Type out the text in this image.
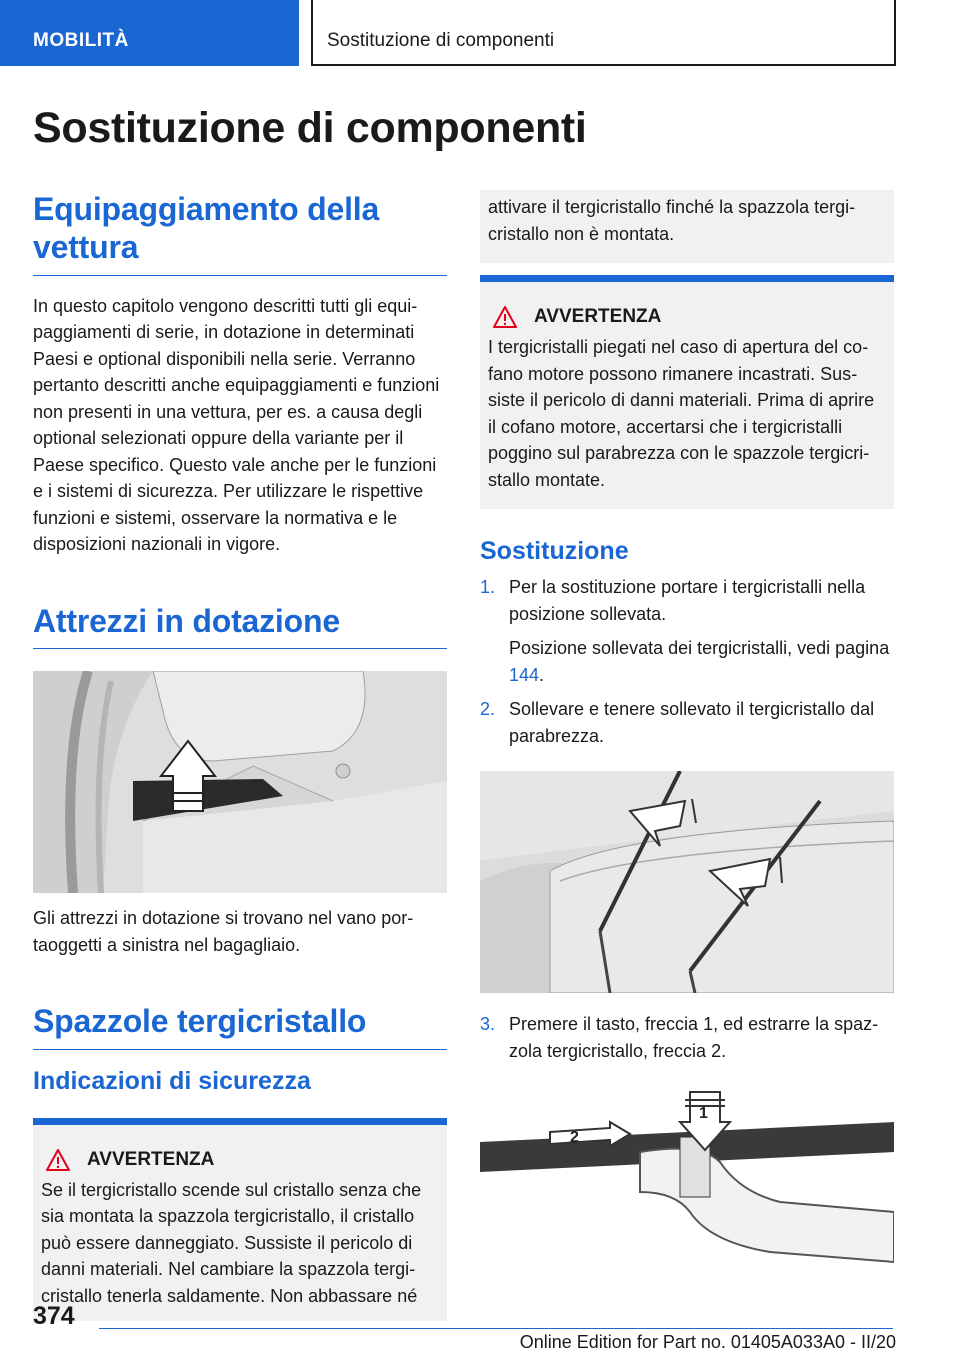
MOBILITÀ	Sostituzione di componenti
Sostituzione di componenti
Equipaggiamento della vettura

In questo capitolo vengono descritti tutti gli equipaggiamenti di serie, in dotazione in determinati Paesi e optional disponibili nella serie. Verranno pertanto descritti anche equipaggiamenti e funzioni non presenti in una vettura, per es. a causa degli optional selezionati oppure della variante per il Paese specifico. Questo vale anche per le funzioni e i sistemi di sicurezza. Per utilizzare le rispettive funzioni e sistemi, osservare la normativa e le disposizioni nazionali in vigore.

Attrezzi in dotazione

Gli attrezzi in dotazione si trovano nel vano portaoggetti a sinistra nel bagagliaio.

Spazzole tergicristallo
Indicazioni di sicurezza
AVVERTENZA

Se il tergicristallo scende sul cristallo senza che sia montata la spazzola tergicristallo, il cristallo può essere danneggiato. Sussiste il pericolo di danni materiali. Nel cambiare la spazzola tergicristallo tenerla saldamente. Non abbassare né

attivare il tergicristallo finché la spazzola tergicristallo non è montata.

AVVERTENZA

I tergicristalli piegati nel caso di apertura del cofano motore possono rimanere incastrati. Sussiste il pericolo di danni materiali. Prima di aprire il cofano motore, accertarsi che i tergicristalli poggino sul parabrezza con le spazzole tergicristallo montate.

Sostituzione
1. Per la sostituzione portare i tergicristalli nella posizione sollevata.
Posizione sollevata dei tergicristalli, vedi pagina 144.
2. Sollevare e tenere sollevato il tergicristallo dal parabrezza.
3. Premere il tasto, freccia 1, ed estrarre la spazzola tergicristallo, freccia 2.
2
1
374
Online Edition for Part no. 01405A033A0 - II/20
